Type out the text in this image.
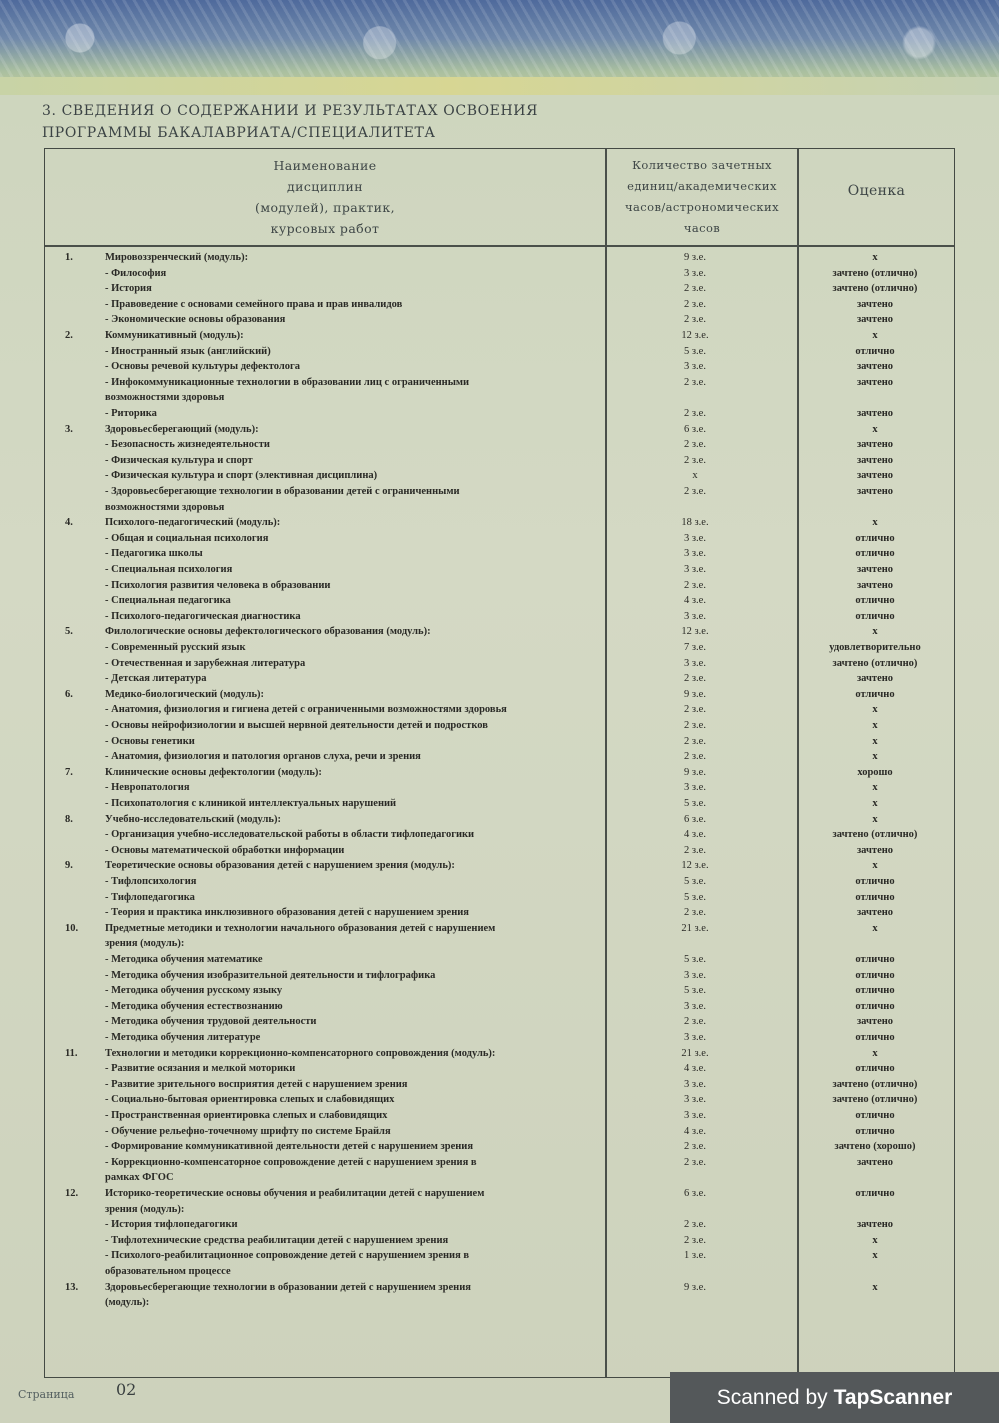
3. СВЕДЕНИЯ О СОДЕРЖАНИИ И РЕЗУЛЬТАТАХ ОСВОЕНИЯ
ПРОГРАММЫ БАКАЛАВРИАТА/СПЕЦИАЛИТЕТА
Наименование
дисциплин
(модулей), практик,
курсовых работ
Количество зачетных
единиц/академических
часов/астрономических
часов
Оценка
1.	Мировоззренческий (модуль):	9 з.е.	x
- Философия	3 з.е.	зачтено (отлично)
- История	2 з.е.	зачтено (отлично)
- Правоведение с основами семейного права и прав инвалидов	2 з.е.	зачтено
- Экономические основы образования	2 з.е.	зачтено
2.	Коммуникативный (модуль):	12 з.е.	x
- Иностранный язык (английский)	5 з.е.	отлично
- Основы речевой культуры дефектолога	3 з.е.	зачтено
- Инфокоммуникационные технологии в образовании лиц с ограниченными	2 з.е.	зачтено
возможностями здоровья
- Риторика	2 з.е.	зачтено
3.	Здоровьесберегающий (модуль):	6 з.е.	x
- Безопасность жизнедеятельности	2 з.е.	зачтено
- Физическая культура и спорт	2 з.е.	зачтено
- Физическая культура и спорт (элективная дисциплина)	x	зачтено
- Здоровьесберегающие технологии в образовании детей с ограниченными	2 з.е.	зачтено
возможностями здоровья
4.	Психолого-педагогический (модуль):	18 з.е.	x
- Общая и социальная психология	3 з.е.	отлично
- Педагогика школы	3 з.е.	отлично
- Специальная психология	3 з.е.	зачтено
- Психология развития человека в образовании	2 з.е.	зачтено
- Специальная педагогика	4 з.е.	отлично
- Психолого-педагогическая диагностика	3 з.е.	отлично
5.	Филологические основы дефектологического образования (модуль):	12 з.е.	x
- Современный русский язык	7 з.е.	удовлетворительно
- Отечественная и зарубежная литература	3 з.е.	зачтено (отлично)
- Детская литература	2 з.е.	зачтено
6.	Медико-биологический (модуль):	9 з.е.	отлично
- Анатомия, физиология и гигиена детей с ограниченными возможностями здоровья	2 з.е.	x
- Основы нейрофизиологии и высшей нервной деятельности детей и подростков	2 з.е.	x
- Основы генетики	2 з.е.	x
- Анатомия, физиология и патология органов слуха, речи и зрения	2 з.е.	x
7.	Клинические основы дефектологии (модуль):	9 з.е.	хорошо
- Невропатология	3 з.е.	x
- Психопатология с клиникой интеллектуальных нарушений	5 з.е.	x
8.	Учебно-исследовательский (модуль):	6 з.е.	x
- Организация учебно-исследовательской работы в области тифлопедагогики	4 з.е.	зачтено (отлично)
- Основы математической обработки информации	2 з.е.	зачтено
9.	Теоретические основы образования детей с нарушением зрения (модуль):	12 з.е.	x
- Тифлопсихология	5 з.е.	отлично
- Тифлопедагогика	5 з.е.	отлично
- Теория и практика инклюзивного образования детей с нарушением зрения	2 з.е.	зачтено
10.	Предметные методики и технологии начального образования детей с нарушением	21 з.е.	x
зрения (модуль):
- Методика обучения математике	5 з.е.	отлично
- Методика обучения изобразительной деятельности и тифлографика	3 з.е.	отлично
- Методика обучения русскому языку	5 з.е.	отлично
- Методика обучения естествознанию	3 з.е.	отлично
- Методика обучения трудовой деятельности	2 з.е.	зачтено
- Методика обучения литературе	3 з.е.	отлично
11.	Технологии и методики коррекционно-компенсаторного сопровождения (модуль):	21 з.е.	x
- Развитие осязания и мелкой моторики	4 з.е.	отлично
- Развитие зрительного восприятия детей с нарушением зрения	3 з.е.	зачтено (отлично)
- Социально-бытовая ориентировка слепых и слабовидящих	3 з.е.	зачтено (отлично)
- Пространственная ориентировка слепых и слабовидящих	3 з.е.	отлично
- Обучение рельефно-точечному шрифту по системе Брайля	4 з.е.	отлично
- Формирование коммуникативной деятельности детей с нарушением зрения	2 з.е.	зачтено (хорошо)
- Коррекционно-компенсаторное сопровождение детей с нарушением зрения в	2 з.е.	зачтено
рамках ФГОС
12.	Историко-теоретические основы обучения и реабилитации детей с нарушением	6 з.е.	отлично
зрения (модуль):
- История тифлопедагогики	2 з.е.	зачтено
- Тифлотехнические средства реабилитации детей с нарушением зрения	2 з.е.	x
- Психолого-реабилитационное сопровождение детей с нарушением зрения в	1 з.е.	x
образовательном процессе
13.	Здоровьесберегающие технологии в образовании детей с нарушением зрения	9 з.е.	x
(модуль):
Страница	02	Scanned by TapScanner
